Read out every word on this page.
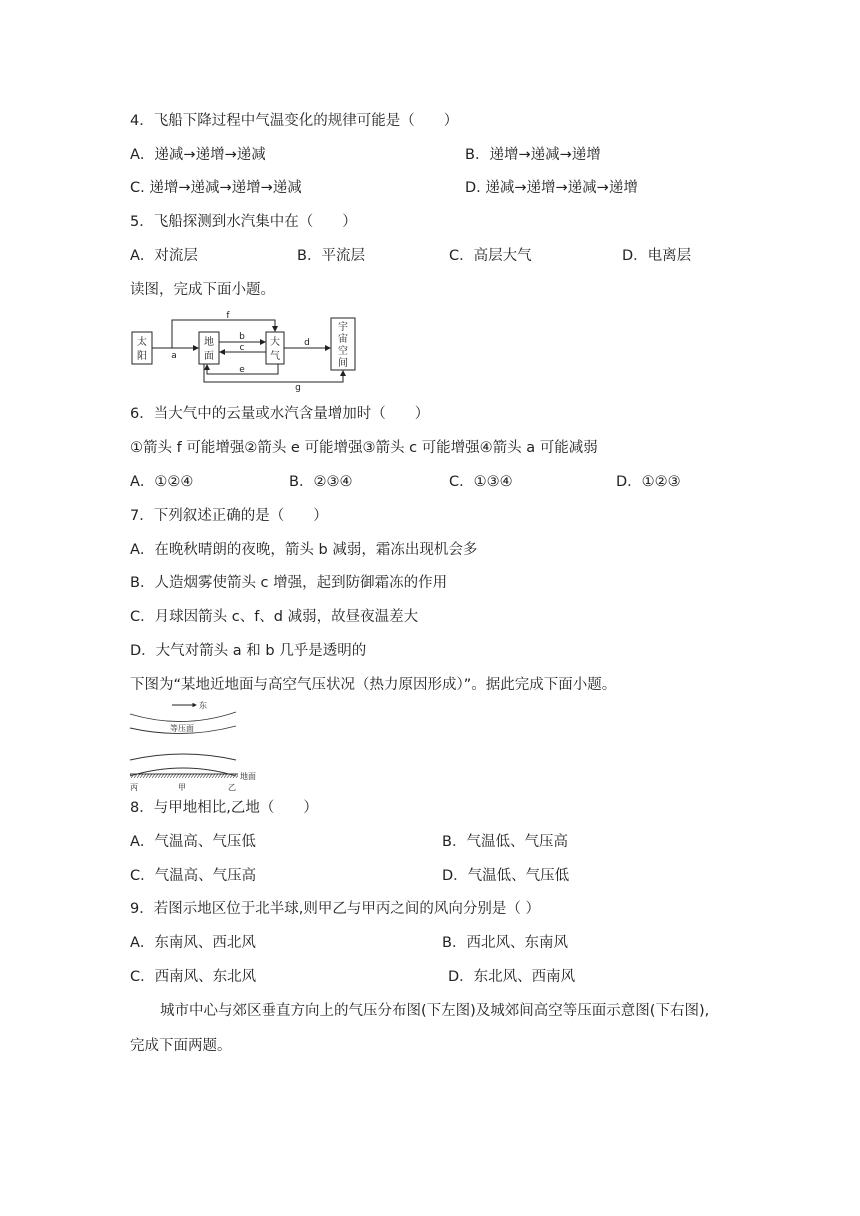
4．飞船下降过程中气温变化的规律可能是（　　）
A．递减→递增→递减	B．递增→递减→递增
C. 递增→递减→递增→递减	D. 递减→递增→递减→递增
5．飞船探测到水汽集中在（　　）
A．对流层	B．平流层	C．高层大气	D．电离层
读图，完成下面小题。
太
阳
地
面
大
气
宇
宙
空
间
a
f
b
c	d
e
g
6．当大气中的云量或水汽含量增加时（　　）
①箭头 f 可能增强②箭头 e 可能增强③箭头 c 可能增强④箭头 a 可能减弱
A．①②④	B．②③④	C．①③④	D．①②③
7．下列叙述正确的是（　　）
A．在晚秋晴朗的夜晚，箭头 b 减弱，霜冻出现机会多
B．人造烟雾使箭头 c 增强，起到防御霜冻的作用
C．月球因箭头 c、f、d 减弱，故昼夜温差大
D．大气对箭头 a 和 b 几乎是透明的
下图为“某地近地面与高空气压状况（热力原因形成）”。据此完成下面小题。
东
等压面
地面
丙	甲	乙
8．与甲地相比,乙地（　　）
A．气温高、气压低	B．气温低、气压高
C．气温高、气压高	D．气温低、气压低
9．若图示地区位于北半球,则甲乙与甲丙之间的风向分别是（ ）
A．东南风、西北风	B．西北风、东南风
C．西南风、东北风	D．东北风、西南风
城市中心与郊区垂直方向上的气压分布图(下左图)及城郊间高空等压面示意图(下右图),
完成下面两题。
